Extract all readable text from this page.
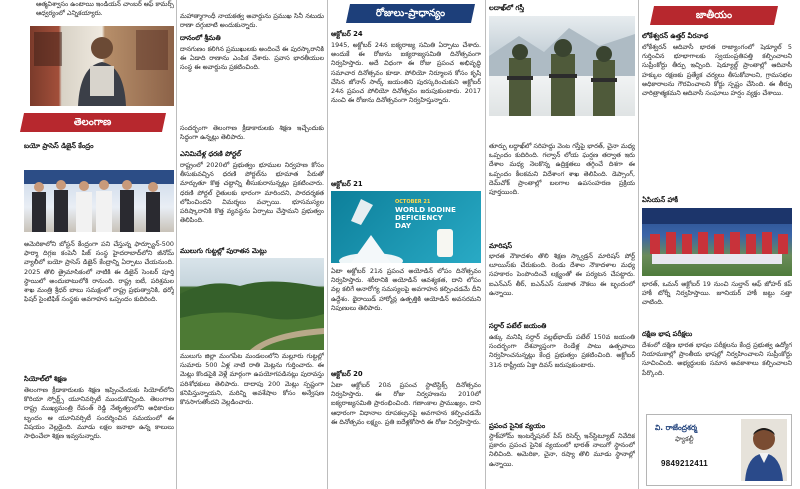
ఆత్మవిశ్వాసం ఉంటాయి ఇండియన్ చాంబర్ ఆఫ్ కామర్స్
ఆధ్వర్యంలో ఎన్నికయ్యారు.
తెలంగాణ
బయో ప్రాసెస్ డిజైన్ కేంద్రం
అమెరికాలోని బోస్టన్ కేంద్రంగా పని చేస్తున్న ఫార్చ్యూన్-500 ఫార్మా దిగ్గజ కంపెనీ పిజ్ సంస్థ హైదరాబాద్‌లోని జీనోమ్ వ్యాలీలో బయో ప్రాసెస్ డిజైన్ కేంద్రాన్ని ఏర్పాటు చేయనుంది. 2025 తొలి త్రైమాసికంలో నాటికి ఈ డిజైన్ సెంటర్ పూర్తి స్థాయిలో అందుబాటులోకి రానుంది. రాష్ట్ర ఐటీ, పరిశ్రమల శాఖ మంత్రి శ్రీధర్ బాబు సమక్షంలో రాష్ట్ర ప్రభుత్వానికి, థర్మో ఫిషర్ సైంటిఫిక్ సంస్థకు అవగాహన ఒప్పందం కుదిరింది.
సియోల్‌లో శిక్షణ
తెలంగాణ క్రీడాకారులకు శిక్షణ ఇప్పించేందుకు సియోల్‌లోని కొరియా స్పోర్ట్స్ యూనివర్సిటీ ముందుకొచ్చింది. తెలంగాణ రాష్ట్ర ముఖ్యమంత్రి రేవంత్ రెడ్డి నేతృత్వంలోని అధికారుల బృందం ఆ యూనివర్సిటీ సందర్శించిన సమయంలో ఈ విషయం వెల్లడైంది. మూడు లక్షల జనాభా ఉన్న కాలులు సాధించేలా శిక్షణ ఇవ్వనున్నారు.
మహాత్మాగాంధీ నాయకత్వ అవార్డును ప్రముఖ సినీ నటుడు రాణా దగ్గుబాటి అందుకున్నారు.
దానంలో శ్రీమతి
దానగుణం కలిగిన ప్రముఖులకు అందించే ఈ పురస్కారానికి ఈ ఏడాది రాణాను ఎంపిక చేశారు. ప్రవాస భారతీయుల సంస్థ ఈ అవార్డును ప్రకటించింది.
సందర్భంగా తెలంగాణ క్రీడాకారులకు శిక్షణ ఇచ్చేందుకు సిద్ధంగా ఉన్నట్లు తెలిపారు.
ఎనిమిదేళ్ల ధరణి పోర్టల్
రాష్ట్రంలో 2020లో ప్రభుత్వం భూముల నిర్వహణ కోసం తీసుకువచ్చిన ధరణి పోర్టల్‌ను భూమాత పేరుతో మార్చుతూ కొత్త చట్టాన్ని తీసుకురానున్నట్లు ప్రకటించారు. ధరణి పోర్టల్ రైతులకు భారంగా మారిందని, పారదర్శకత లోపించిందని విమర్శలు వచ్చాయి. భూసమస్యల పరిష్కారానికి కొత్త వ్యవస్థను ఏర్పాటు చేస్తామని ప్రభుత్వం తెలిపింది.
ములుగు గుట్టల్లో పురాతన మెట్లు
ములుగు జిల్లా మంగపేట మండలంలోని మల్లూరు గుట్టల్లో సుమారు 500 ఏళ్ల నాటి రాతి మెట్లను గుర్తించారు. ఈ మెట్లు కొండపైకి వెళ్లే మార్గంగా ఉపయోగపడినట్లు పురావస్తు పరిశోధకులు తెలిపారు. దాదాపు 200 మెట్లు స్పష్టంగా కనిపిస్తున్నాయని, మరిన్ని అవశేషాల కోసం అన్వేషణ కొనసాగుతోందని వెల్లడించారు.
రోజులు-ప్రాధాన్యం
అక్టోబర్ 24
1945, అక్టోబర్ 24న ఐక్యరాజ్య సమితి ఏర్పాటు చేశారు. అందుకే ఈ రోజును ఐక్యరాజ్యసమితి దినోత్సవంగా నిర్వహిస్తారు. అదే విధంగా ఈ రోజు ప్రపంచ అభివృద్ధి సమాచార దినోత్సవం కూడా. పోలియో నిర్మూలన కోసం కృషి చేసిన జోనాస్ సాల్క్ జయంతిని పురస్కరించుకుని అక్టోబర్ 24న ప్రపంచ పోలియో దినోత్సవం జరుపుకుంటారు. 2017 నుంచి ఈ రోజును దినోత్సవంగా నిర్వహిస్తున్నారు.
అక్టోబర్ 21
OCTOBER 21
WORLD IODINE DEFICIENCY DAY
ఏటా అక్టోబర్ 21న ప్రపంచ అయోడిన్ లోపం దినోత్సవం నిర్వహిస్తారు. శరీరానికి అయోడిన్ ఆవశ్యకత, దాని లోపం వల్ల కలిగే అనారోగ్య సమస్యలపై అవగాహన కల్పించడమే దీని ఉద్దేశం. థైరాయిడ్ హార్మోన్ల ఉత్పత్తికి అయోడిన్ అవసరమని నిపుణులు తెలిపారు.
అక్టోబర్ 20
ఏటా అక్టోబర్ 20న ప్రపంచ స్టాటిస్టిక్స్ దినోత్సవం నిర్వహిస్తారు. ఈ రోజు నిర్వహణను 2010లో ఐక్యరాజ్యసమితి ప్రారంభించింది. గణాంకాల ప్రాముఖ్యం, దాని ఆధారంగా విధానాల రూపకల్పనపై అవగాహన కల్పించడమే ఈ దినోత్సవం లక్ష్యం. ప్రతి ఐదేళ్లకోసారి ఈ రోజు నిర్వహిస్తారు.
లదాఖ్‌లో గస్తీ
తూర్పు లద్దాఖ్‌లో సరిహద్దు వెంట గస్తీపై భారత్, చైనా మధ్య ఒప్పందం కుదిరింది. గల్వాన్ లోయ ఘర్షణ తర్వాత ఇరు దేశాల మధ్య నెలకొన్న ఉద్రిక్తతలు తగ్గించే దిశగా ఈ ఒప్పందం కీలకమని విదేశాంగ శాఖ తెలిపింది. డెప్సాంగ్, దెమ్‌చోక్ ప్రాంతాల్లో బలగాల ఉపసంహరణ ప్రక్రియ పూర్తయింది.
మారిషస్
భారత నౌకాదళం తొలి శిక్షణ స్క్వాడ్రన్ మారిషస్ పోర్ట్ లూయిస్‌కు చేరుకుంది. రెండు దేశాల నౌకాదళాల మధ్య సహకారం పెంపొందించే లక్ష్యంతో ఈ పర్యటన చేపట్టారు. ఐఎన్‌ఎస్ తీర్, ఐఎన్‌ఎస్ సుజాత నౌకలు ఈ బృందంలో ఉన్నాయి.
సర్దార్ పటేల్ జయంతి
ఉక్కు మనిషి సర్దార్ వల్లభ్‌భాయ్ పటేల్ 150వ జయంతి సందర్భంగా దేశవ్యాప్తంగా రెండేళ్ల పాటు ఉత్సవాలు నిర్వహించనున్నట్లు కేంద్ర ప్రభుత్వం ప్రకటించింది. అక్టోబర్ 31న రాష్ట్రీయ ఏక్తా దివస్ జరుపుకుంటారు.
ప్రపంచ సైనిక వ్యయం
స్టాక్‌హోమ్ ఇంటర్నేషనల్ పీస్ రిసెర్చ్ ఇన్‌స్టిట్యూట్ నివేదిక ప్రకారం ప్రపంచ సైనిక వ్యయంలో భారత్ నాలుగో స్థానంలో నిలిచింది. అమెరికా, చైనా, రష్యా తొలి మూడు స్థానాల్లో ఉన్నాయి.
జాతీయం
లోకేశ్వరన్ ఉత్తర్ వీరనాథ
లోకేశ్వరన్ ఆదివాసీ భారత రాజ్యాంగంలో షెడ్యూల్ 5 గుర్తించిన భూభాగాలకు స్వయంప్రతిపత్తి కల్పించాలని సుప్రీంకోర్టు తీర్పు ఇచ్చింది. షెడ్యూల్డ్ ప్రాంతాల్లో ఆదివాసీ హక్కుల రక్షణకు ప్రత్యేక చర్యలు తీసుకోవాలని, గ్రామసభల అధికారాలను గౌరవించాలని కోర్టు స్పష్టం చేసింది. ఈ తీర్పు చారిత్రాత్మకమని ఆదివాసీ సంఘాలు హర్షం వ్యక్తం చేశాయి.
ఏసియన్ హాకీ
భారత్, ఒమన్ అక్టోబర్ 19 నుంచి సుల్తాన్ ఆఫ్ జోహర్ కప్ హాకీ టోర్నీ నిర్వహిస్తాయి. జూనియర్ హాకీ జట్టు సత్తా చాటింది.
దక్షిణ భాష పరీక్షలు
దేశంలో దక్షిణ భారత భాషల పరీక్షలను కేంద్ర ప్రభుత్వ ఉద్యోగ నియామకాల్లో ప్రాంతీయ భాషల్లో నిర్వహించాలని సుప్రీంకోర్టు సూచించింది. అభ్యర్థులకు సమాన అవకాశాలు కల్పించాలని పేర్కొంది.
వి. రాజేంద్రశర్మ
ఫ్యాకల్టీ
9849212411
